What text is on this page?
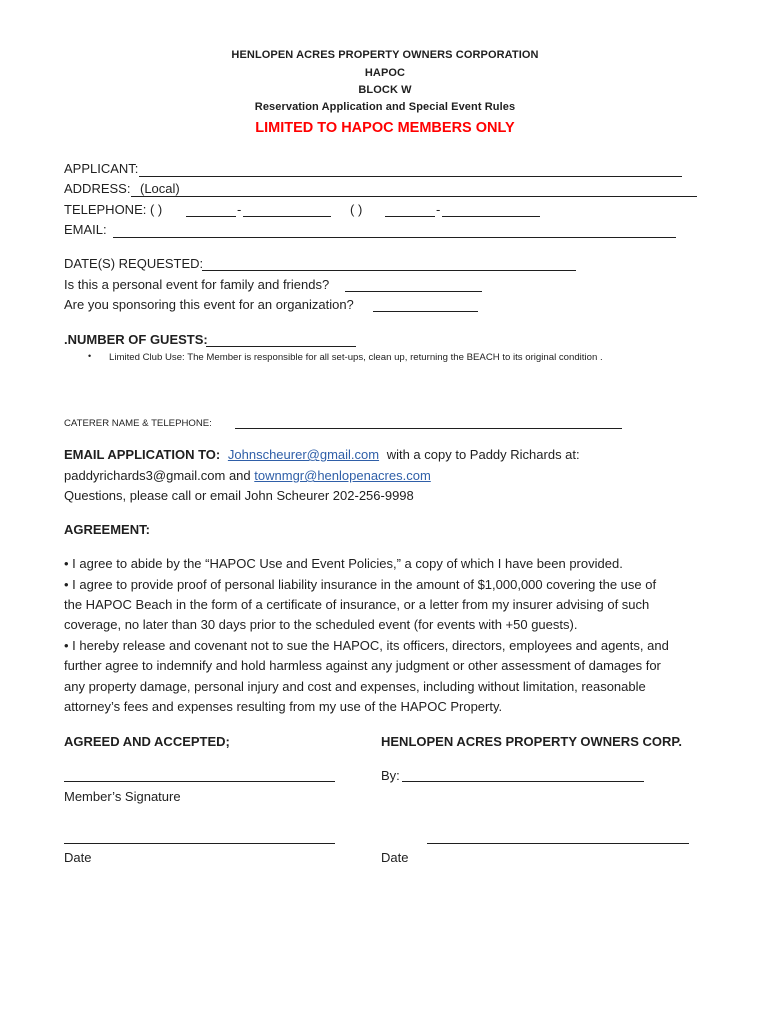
HENLOPEN ACRES PROPERTY OWNERS CORPORATION
HAPOC
BLOCK W
Reservation Application and Special Event Rules
LIMITED TO HAPOC MEMBERS ONLY
APPLICANT:
ADDRESS: (Local)
TELEPHONE: ( )	-	( )	-
EMAIL:
DATE(S) REQUESTED:
Is this a personal event for family and friends?
Are you sponsoring this event for an organization?
.NUMBER OF GUESTS:
• Limited Club Use: The Member is responsible for all set-ups, clean up, returning the BEACH to its original condition .
CATERER NAME & TELEPHONE:
EMAIL APPLICATION TO: Johnscheurer@gmail.com with a copy to Paddy Richards at:
paddyrichards3@gmail.com and townmgr@henlopenacres.com
Questions, please call or email John Scheurer 202-256-9998
AGREEMENT:
• I agree to abide by the “HAPOC Use and Event Policies,” a copy of which I have been provided.
• I agree to provide proof of personal liability insurance in the amount of $1,000,000 covering the use of
the HAPOC Beach in the form of a certificate of insurance, or a letter from my insurer advising of such
coverage, no later than 30 days prior to the scheduled event (for events with +50 guests).
• I hereby release and covenant not to sue the HAPOC, its officers, directors, employees and agents, and
further agree to indemnify and hold harmless against any judgment or other assessment of damages for
any property damage, personal injury and cost and expenses, including without limitation, reasonable
attorney’s fees and expenses resulting from my use of the HAPOC Property.
AGREED AND ACCEPTED;	HENLOPEN ACRES PROPERTY OWNERS CORP.
By:
Member’s Signature
Date	Date
